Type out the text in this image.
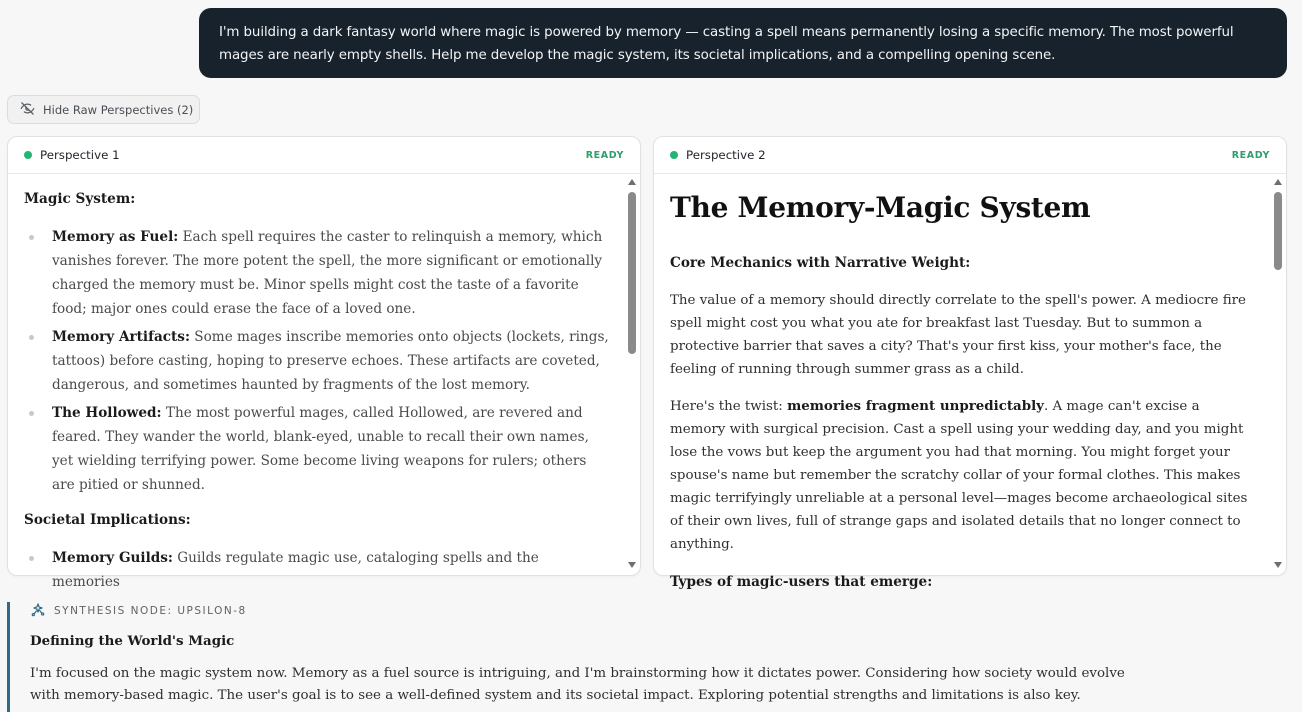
I'm building a dark fantasy world where magic is powered by memory — casting a spell means permanently losing a specific memory. The most powerful mages are nearly empty shells. Help me develop the magic system, its societal implications, and a compelling opening scene.
Hide Raw Perspectives (2)
Perspective 1	READY
Magic System:
Memory as Fuel: Each spell requires the caster to relinquish a memory, which vanishes forever. The more potent the spell, the more significant or emotionally charged the memory must be. Minor spells might cost the taste of a favorite food; major ones could erase the face of a loved one.
Memory Artifacts: Some mages inscribe memories onto objects (lockets, rings, tattoos) before casting, hoping to preserve echoes. These artifacts are coveted, dangerous, and sometimes haunted by fragments of the lost memory.
The Hollowed: The most powerful mages, called Hollowed, are revered and feared. They wander the world, blank-eyed, unable to recall their own names, yet wielding terrifying power. Some become living weapons for rulers; others are pitied or shunned.
Societal Implications:
Memory Guilds: Guilds regulate magic use, cataloging spells and the memories
Perspective 2	READY
The Memory-Magic System
Core Mechanics with Narrative Weight:

The value of a memory should directly correlate to the spell's power. A mediocre fire spell might cost you what you ate for breakfast last Tuesday. But to summon a protective barrier that saves a city? That's your first kiss, your mother's face, the feeling of running through summer grass as a child.

Here's the twist: memories fragment unpredictably. A mage can't excise a memory with surgical precision. Cast a spell using your wedding day, and you might lose the vows but keep the argument you had that morning. You might forget your spouse's name but remember the scratchy collar of your formal clothes. This makes magic terrifyingly unreliable at a personal level—mages become archaeological sites of their own lives, full of strange gaps and isolated details that no longer connect to anything.

Types of magic-users that emerge:
SYNTHESIS NODE: UPSILON-8
Defining the World's Magic
I'm focused on the magic system now. Memory as a fuel source is intriguing, and I'm brainstorming how it dictates power. Considering how society would evolve with memory-based magic. The user's goal is to see a well-defined system and its societal impact. Exploring potential strengths and limitations is also key.
